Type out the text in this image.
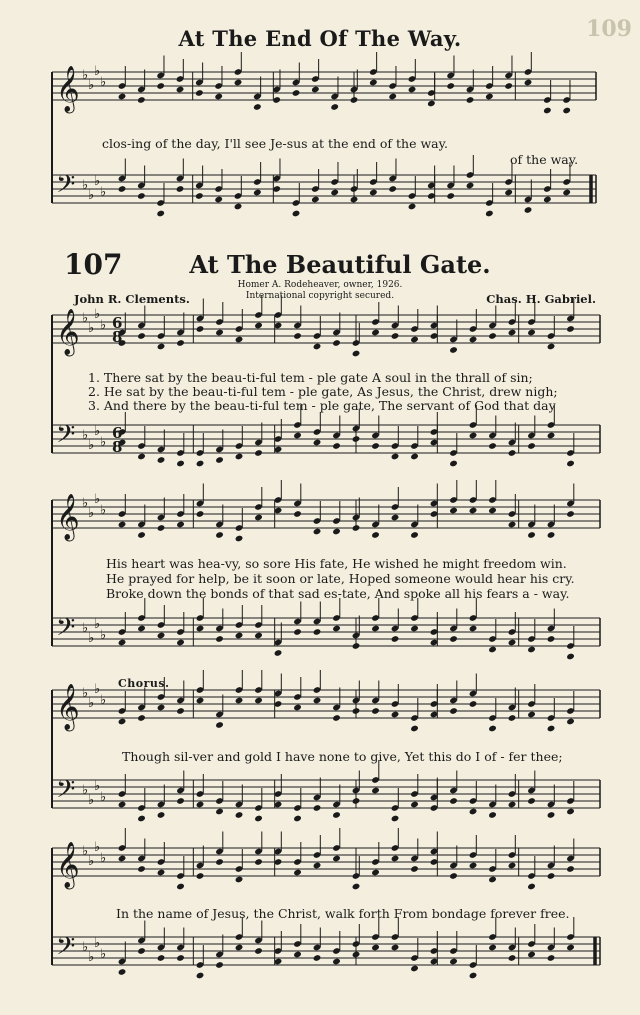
109
At The End Of The Way.
𝄞 ♭
♭
♭
♭
𝄢 ♭
♭
♭
♭
𝄞 ♭
♭
♭
♭
𝄢 ♭
♭
♭
♭
𝄞 ♭
♭
♭
♭
𝄢 ♭
♭
♭
♭
𝄞 ♭
♭
♭
♭
𝄢 ♭
♭
♭
♭
𝄞 ♭
♭
♭
♭
𝄢 ♭
♭
♭
♭
6
8
6
8
clos-ing of the day, I'll see Je-sus at the end of the way.
of the way.
107	At The Beautiful Gate.
Homer A. Rodeheaver, owner, 1926.
International copyright secured.
John R. Clements.	Chas. H. Gabriel.
1. There sat by the beau-ti-ful tem - ple gate A soul in the thrall of sin;
2. He sat by the beau-ti-ful tem - ple gate, As Jesus, the Christ, drew nigh;
3. And there by the beau-ti-ful tem - ple gate, The servant of God that day
His heart was hea-vy, so sore His fate, He wished he might freedom win.
He prayed for help, be it soon or late, Hoped someone would hear his cry.
Broke down the bonds of that sad es-tate, And spoke all his fears a - way.
Chorus.
Though sil-ver and gold I have none to give, Yet this do I of - fer thee;
In the name of Jesus, the Christ, walk forth From bondage forever free.
